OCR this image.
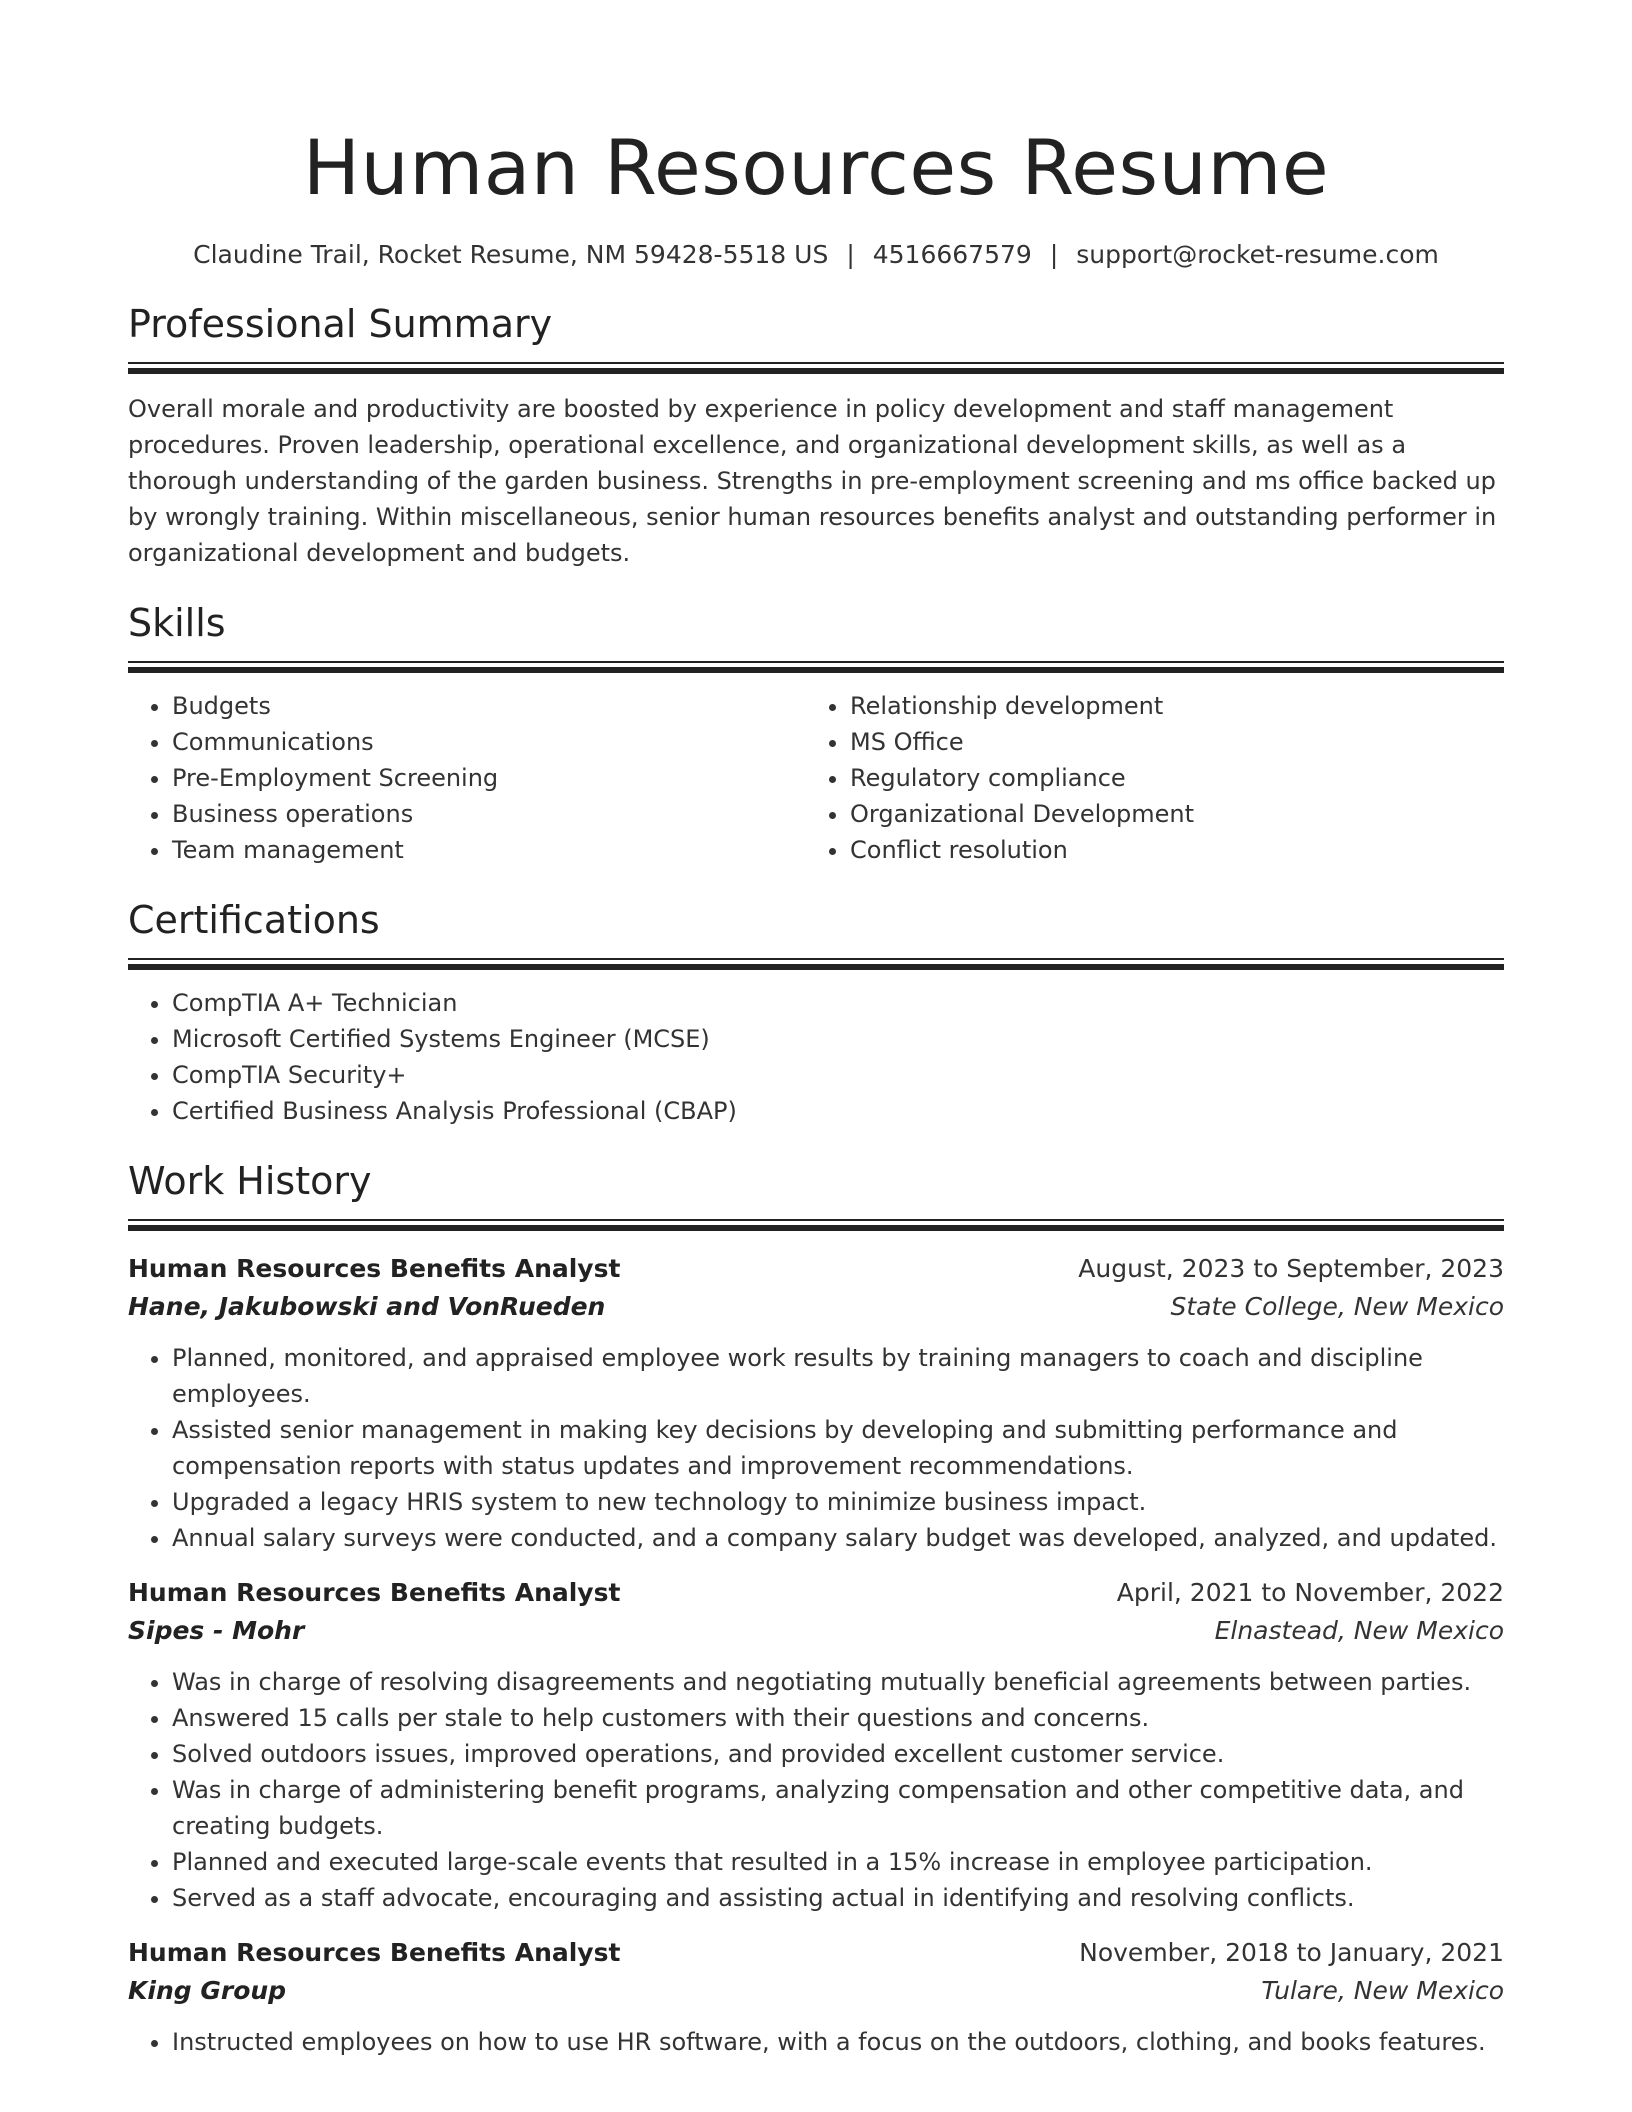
Human Resources Resume
Claudine Trail, Rocket Resume, NM 59428-5518 US | 4516667579 | support@rocket-resume.com
Professional Summary

Overall morale and productivity are boosted by experience in policy development and staff management procedures. Proven leadership, operational excellence, and organizational development skills, as well as a thorough understanding of the garden business. Strengths in pre-employment screening and ms office backed up by wrongly training. Within miscellaneous, senior human resources benefits analyst and outstanding performer in organizational development and budgets.

Skills
• Budgets
• Communications
• Pre-Employment Screening
• Business operations
• Team management
• Relationship development
• MS Office
• Regulatory compliance
• Organizational Development
• Conflict resolution
Certifications
• CompTIA A+ Technician
• Microsoft Certified Systems Engineer (MCSE)
• CompTIA Security+
• Certified Business Analysis Professional (CBAP)
Work History
Human Resources Benefits Analyst	August, 2023 to September, 2023
Hane, Jakubowski and VonRueden	State College, New Mexico
• Planned, monitored, and appraised employee work results by training managers to coach and discipline employees.
• Assisted senior management in making key decisions by developing and submitting performance and compensation reports with status updates and improvement recommendations.
• Upgraded a legacy HRIS system to new technology to minimize business impact.
• Annual salary surveys were conducted, and a company salary budget was developed, analyzed, and updated.
Human Resources Benefits Analyst	April, 2021 to November, 2022
Sipes - Mohr	Elnastead, New Mexico
• Was in charge of resolving disagreements and negotiating mutually beneficial agreements between parties.
• Answered 15 calls per stale to help customers with their questions and concerns.
• Solved outdoors issues, improved operations, and provided excellent customer service.
• Was in charge of administering benefit programs, analyzing compensation and other competitive data, and creating budgets.
• Planned and executed large-scale events that resulted in a 15% increase in employee participation.
• Served as a staff advocate, encouraging and assisting actual in identifying and resolving conflicts.
Human Resources Benefits Analyst	November, 2018 to January, 2021
King Group	Tulare, New Mexico
• Instructed employees on how to use HR software, with a focus on the outdoors, clothing, and books features.
